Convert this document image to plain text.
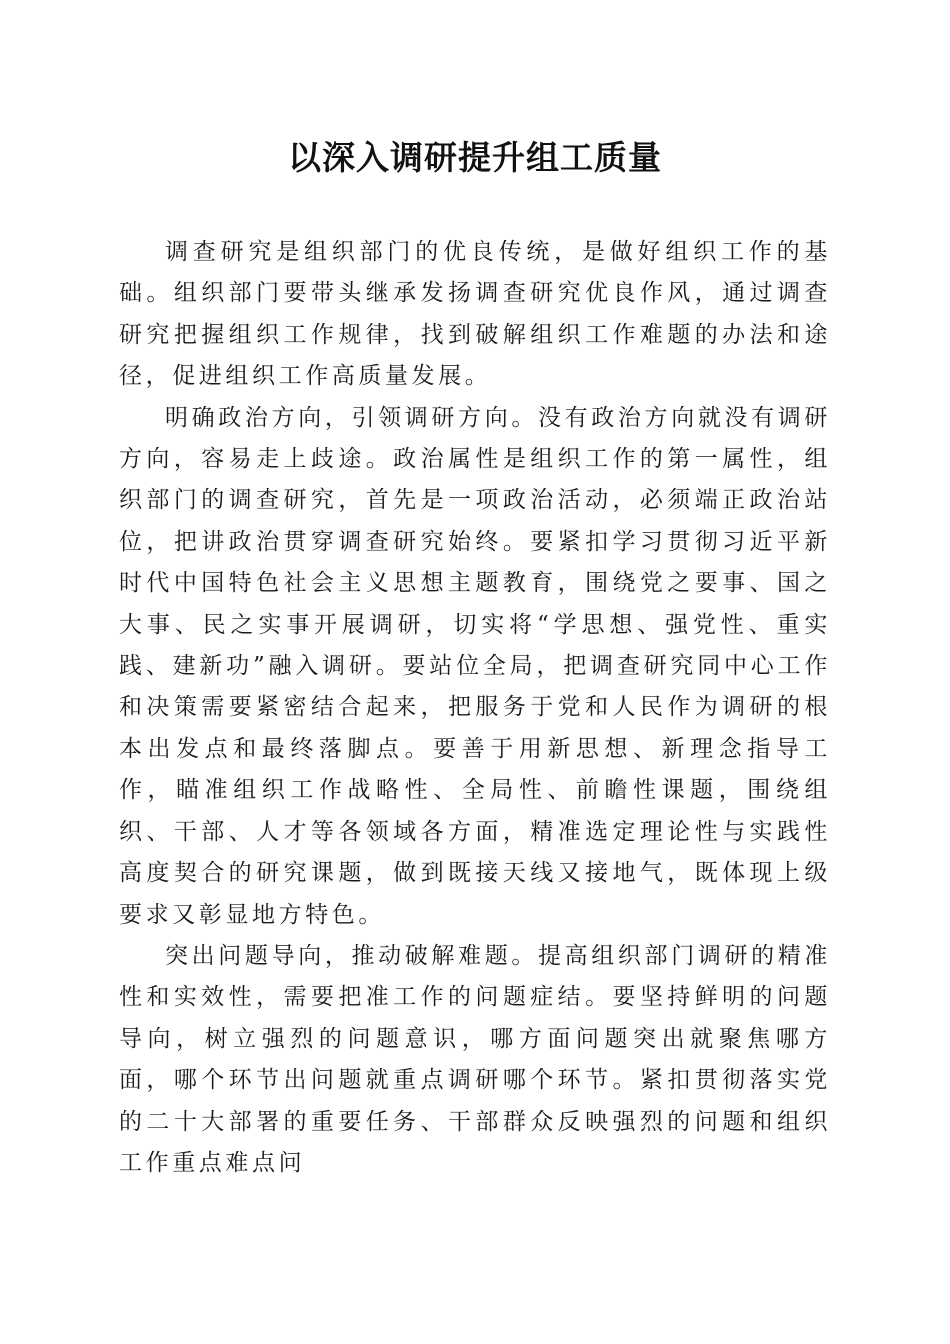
以深入调研提升组工质量

调查研究是组织部门的优良传统，是做好组织工作的基础。组织部门要带头继承发扬调查研究优良作风，通过调查研究把握组织工作规律，找到破解组织工作难题的办法和途径，促进组织工作高质量发展。

明确政治方向，引领调研方向。没有政治方向就没有调研方向，容易走上歧途。政治属性是组织工作的第一属性，组织部门的调查研究，首先是一项政治活动，必须端正政治站位，把讲政治贯穿调查研究始终。要紧扣学习贯彻习近平新时代中国特色社会主义思想主题教育，围绕党之要事、国之大事、民之实事开展调研，切实将“学思想、强党性、重实践、建新功”融入调研。要站位全局，把调查研究同中心工作和决策需要紧密结合起来，把服务于党和人民作为调研的根本出发点和最终落脚点。要善于用新思想、新理念指导工作，瞄准组织工作战略性、全局性、前瞻性课题，围绕组织、干部、人才等各领域各方面，精准选定理论性与实践性高度契合的研究课题，做到既接天线又接地气，既体现上级要求又彰显地方特色。

突出问题导向，推动破解难题。提高组织部门调研的精准性和实效性，需要把准工作的问题症结。要坚持鲜明的问题导向，树立强烈的问题意识，哪方面问题突出就聚焦哪方面，哪个环节出问题就重点调研哪个环节。紧扣贯彻落实党的二十大部署的重要任务、干部群众反映强烈的问题和组织工作重点难点问
